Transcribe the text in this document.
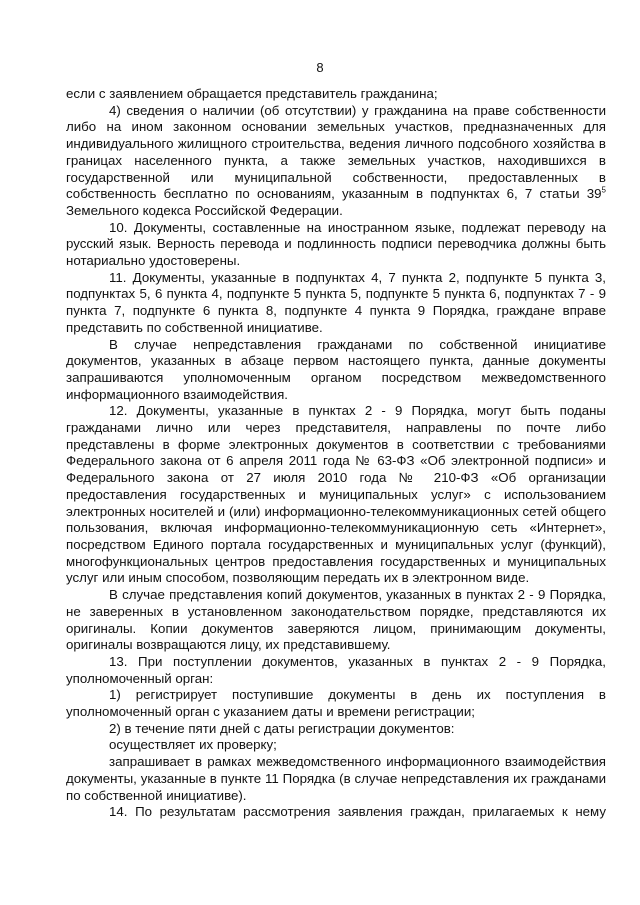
8

если с заявлением обращается представитель гражданина;

4) сведения о наличии (об отсутствии) у гражданина на праве собственности либо на ином законном основании земельных участков, предназначенных для индивидуального жилищного строительства, ведения личного подсобного хозяйства в границах населенного пункта, а также земельных участков, находившихся в государственной или муниципальной собственности, предоставленных в собственность бесплатно по основаниям, указанным в подпунктах 6, 7 статьи $39^5$ Земельного кодекса Российской Федерации.

10. Документы, составленные на иностранном языке, подлежат переводу на русский язык. Верность перевода и подлинность подписи переводчика должны быть нотариально удостоверены.

11. Документы, указанные в подпунктах 4, 7 пункта 2, подпункте 5 пункта 3, подпунктах 5, 6 пункта 4, подпункте 5 пункта 5, подпункте 5 пункта 6, подпунктах 7 - 9 пункта 7, подпункте 6 пункта 8, подпункте 4 пункта 9 Порядка, граждане вправе представить по собственной инициативе.

В случае непредставления гражданами по собственной инициативе документов, указанных в абзаце первом настоящего пункта, данные документы запрашиваются уполномоченным органом посредством межведомственного информационного взаимодействия.

12. Документы, указанные в пунктах 2 - 9 Порядка, могут быть поданы гражданами лично или через представителя, направлены по почте либо представлены в форме электронных документов в соответствии с требованиями Федерального закона от 6 апреля 2011 года № 63-ФЗ «Об электронной подписи» и Федерального закона от 27 июля 2010 года № 210-ФЗ «Об организации предоставления государственных и муниципальных услуг» с использованием электронных носителей и (или) информационно-телекоммуникационных сетей общего пользования, включая информационно-телекоммуникационную сеть «Интернет», посредством Единого портала государственных и муниципальных услуг (функций), многофункциональных центров предоставления государственных и муниципальных услуг или иным способом, позволяющим передать их в электронном виде.

В случае представления копий документов, указанных в пунктах 2 - 9 Порядка, не заверенных в установленном законодательством порядке, представляются их оригиналы. Копии документов заверяются лицом, принимающим документы, оригиналы возвращаются лицу, их представившему.

13. При поступлении документов, указанных в пунктах 2 - 9 Порядка, уполномоченный орган:

1) регистрирует поступившие документы в день их поступления в уполномоченный орган с указанием даты и времени регистрации;

2) в течение пяти дней с даты регистрации документов:

осуществляет их проверку;

запрашивает в рамках межведомственного информационного взаимодействия документы, указанные в пункте 11 Порядка (в случае непредставления их гражданами по собственной инициативе).

14. По результатам рассмотрения заявления граждан, прилагаемых к нему
